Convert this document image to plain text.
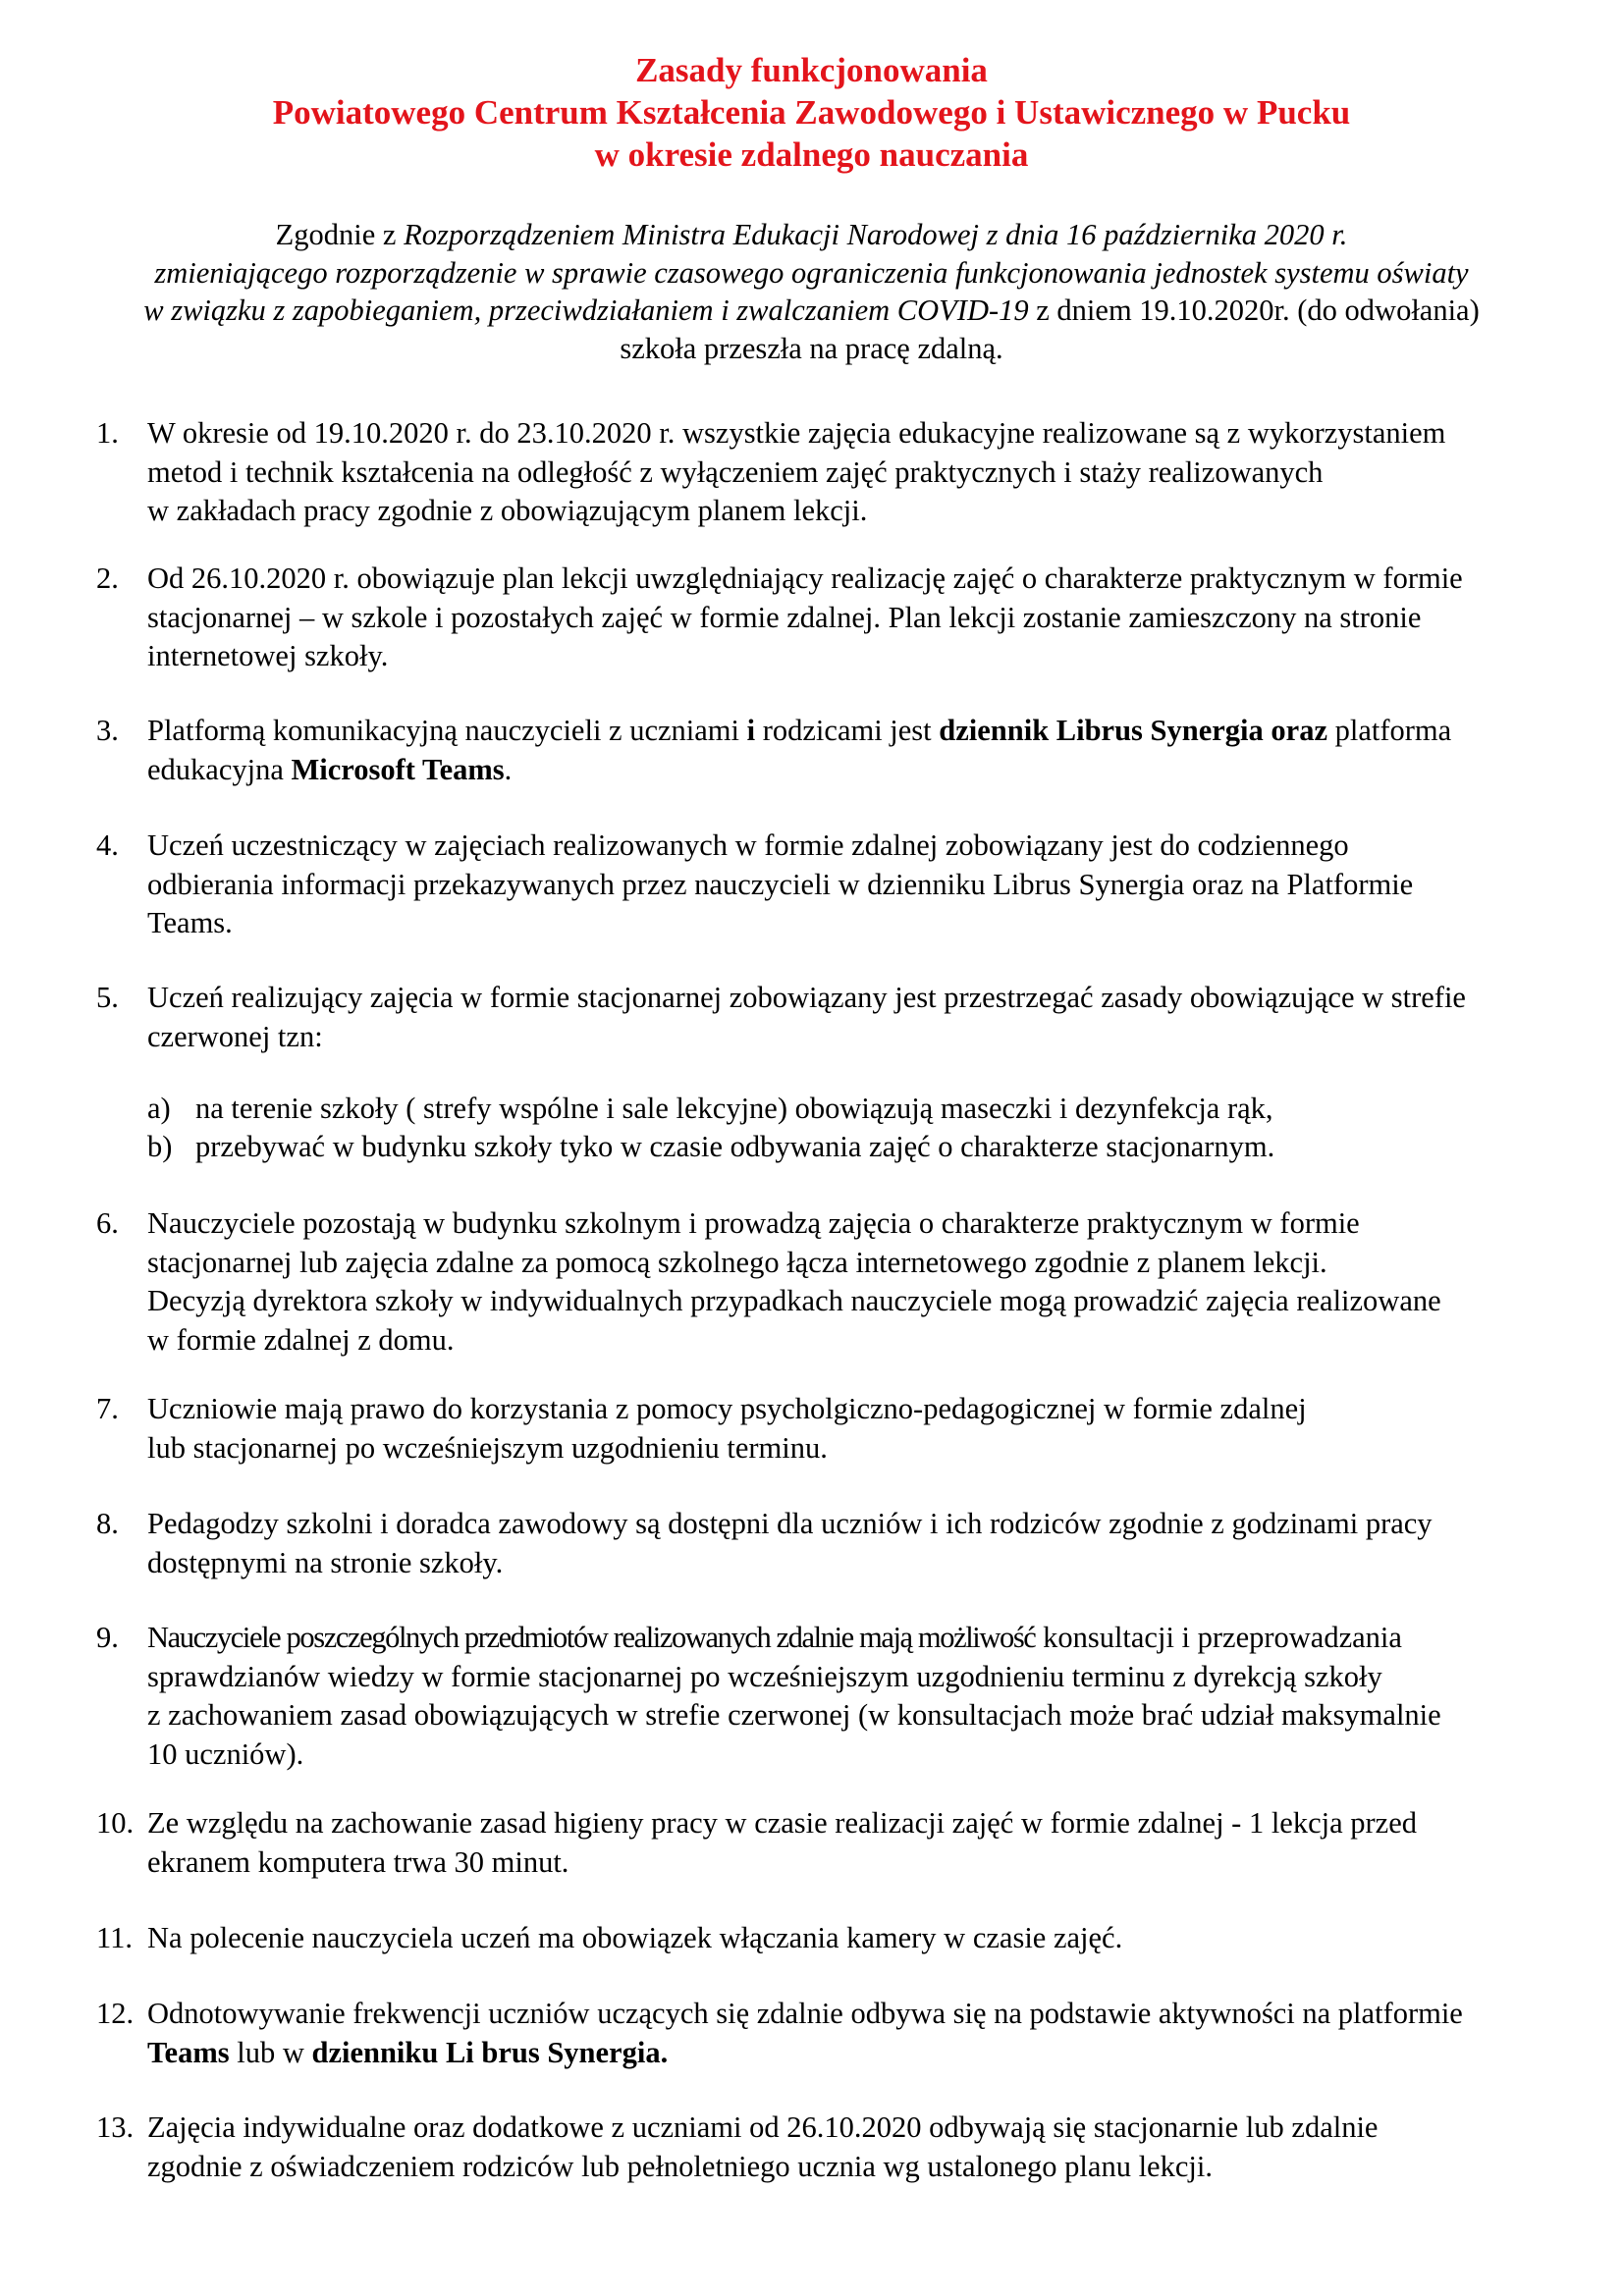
Zasady funkcjonowania
Powiatowego Centrum Kształcenia Zawodowego i Ustawicznego w Pucku
w okresie zdalnego nauczania
Zgodnie z Rozporządzeniem Ministra Edukacji Narodowej z dnia 16 października 2020 r.
zmieniającego rozporządzenie w sprawie czasowego ograniczenia funkcjonowania jednostek systemu oświaty
w związku z zapobieganiem, przeciwdziałaniem i zwalczaniem COVID-19 z dniem 19.10.2020r. (do odwołania)
szkoła przeszła na pracę zdalną.
1. W okresie od 19.10.2020 r. do 23.10.2020 r. wszystkie zajęcia edukacyjne realizowane są z wykorzystaniem
metod i technik kształcenia na odległość z wyłączeniem zajęć praktycznych i staży realizowanych
w zakładach pracy zgodnie z obowiązującym planem lekcji.
2. Od 26.10.2020 r. obowiązuje plan lekcji uwzględniający realizację zajęć o charakterze praktycznym w formie
stacjonarnej – w szkole i pozostałych zajęć w formie zdalnej. Plan lekcji zostanie zamieszczony na stronie
internetowej szkoły.
3. Platformą komunikacyjną nauczycieli z uczniami i rodzicami jest dziennik Librus Synergia oraz platforma
edukacyjna Microsoft Teams.
4. Uczeń uczestniczący w zajęciach realizowanych w formie zdalnej zobowiązany jest do codziennego
odbierania informacji przekazywanych przez nauczycieli w dzienniku Librus Synergia oraz na Platformie
Teams.
5. Uczeń realizujący zajęcia w formie stacjonarnej zobowiązany jest przestrzegać zasady obowiązujące w strefie
czerwonej tzn:
a) na terenie szkoły ( strefy wspólne i sale lekcyjne) obowiązują maseczki i dezynfekcja rąk,
b) przebywać w budynku szkoły tyko w czasie odbywania zajęć o charakterze stacjonarnym.
6. Nauczyciele pozostają w budynku szkolnym i prowadzą zajęcia o charakterze praktycznym w formie
stacjonarnej lub zajęcia zdalne za pomocą szkolnego łącza internetowego zgodnie z planem lekcji.
Decyzją dyrektora szkoły w indywidualnych przypadkach nauczyciele mogą prowadzić zajęcia realizowane
w formie zdalnej z domu.
7. Uczniowie mają prawo do korzystania z pomocy psycholgiczno-pedagogicznej w formie zdalnej
lub stacjonarnej po wcześniejszym uzgodnieniu terminu.
8. Pedagodzy szkolni i doradca zawodowy są dostępni dla uczniów i ich rodziców zgodnie z godzinami pracy
dostępnymi na stronie szkoły.
9. Nauczyciele poszczególnych przedmiotów realizowanych zdalnie mają możliwość konsultacji i przeprowadzania
sprawdzianów wiedzy w formie stacjonarnej po wcześniejszym uzgodnieniu terminu z dyrekcją szkoły
z zachowaniem zasad obowiązujących w strefie czerwonej (w konsultacjach może brać udział maksymalnie
10 uczniów).
10. Ze względu na zachowanie zasad higieny pracy w czasie realizacji zajęć w formie zdalnej - 1 lekcja przed
ekranem komputera trwa 30 minut.
11. Na polecenie nauczyciela uczeń ma obowiązek włączania kamery w czasie zajęć.
12. Odnotowywanie frekwencji uczniów uczących się zdalnie odbywa się na podstawie aktywności na platformie
Teams lub w dzienniku Li brus Synergia.
13. Zajęcia indywidualne oraz dodatkowe z uczniami od 26.10.2020 odbywają się stacjonarnie lub zdalnie
zgodnie z oświadczeniem rodziców lub pełnoletniego ucznia wg ustalonego planu lekcji.
